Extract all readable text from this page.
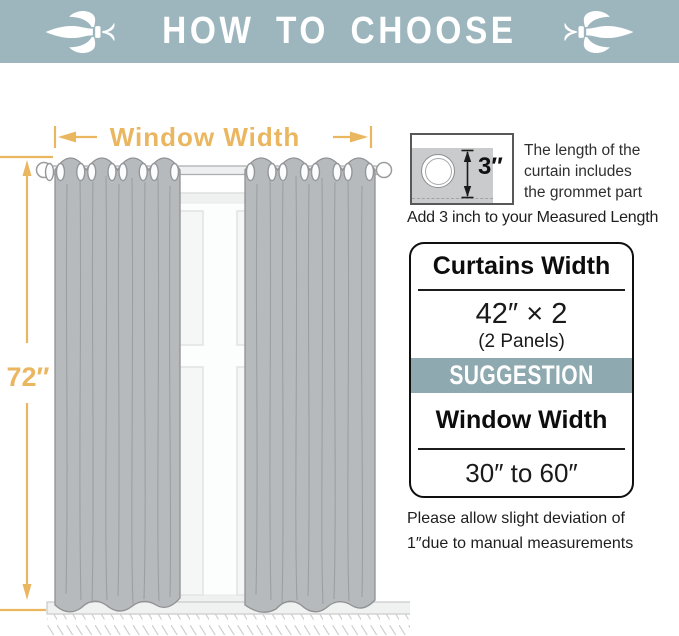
HOW TO CHOOSE
Window Width
72″
3″
The length of the
curtain includes
the grommet part
Add 3 inch to your Measured Length
Curtains Width
42″ × 2
(2 Panels)
SUGGESTION
Window Width
30″ to 60″
Please allow slight deviation of
1″due to manual measurements
